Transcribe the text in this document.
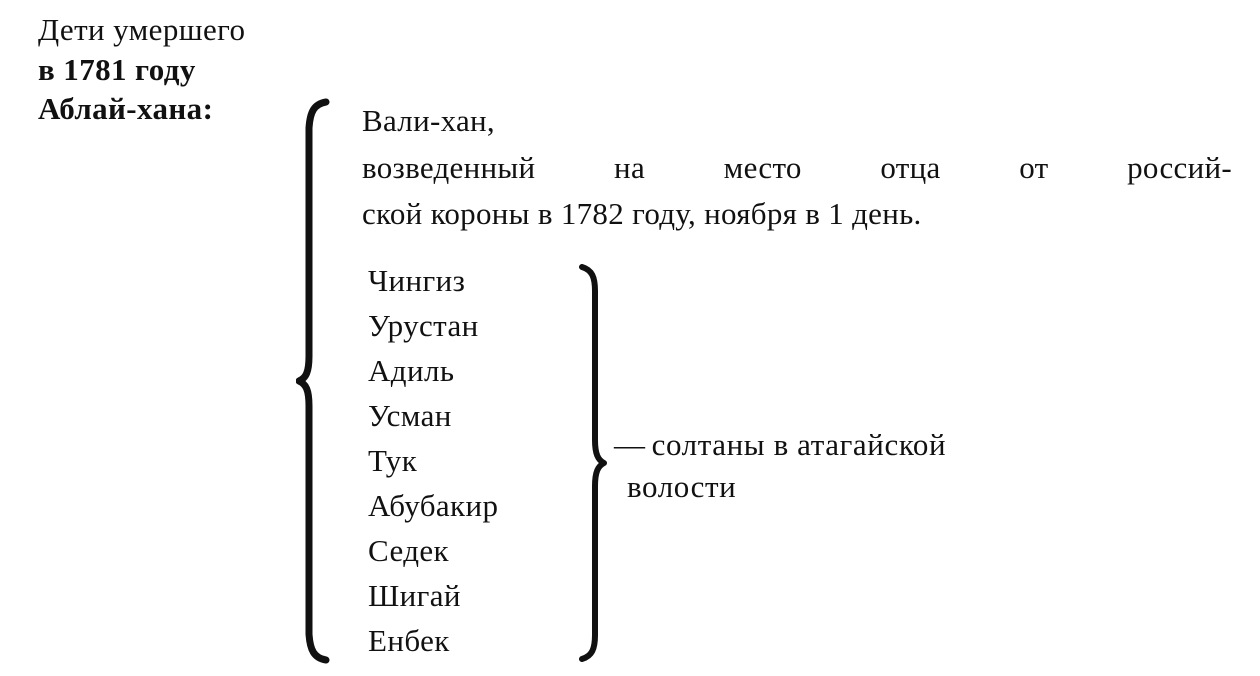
Дети умершего
в 1781 году
Аблай-хана:	Вали-хан,
возведенный на место отца от россий-
ской короны в 1782 году, ноября в 1 день.
Чингиз
Урустан
Адиль
Усман
Тук
Абубакир
Седек
Шигай
Енбек
— солтаны в атагайской
волости
